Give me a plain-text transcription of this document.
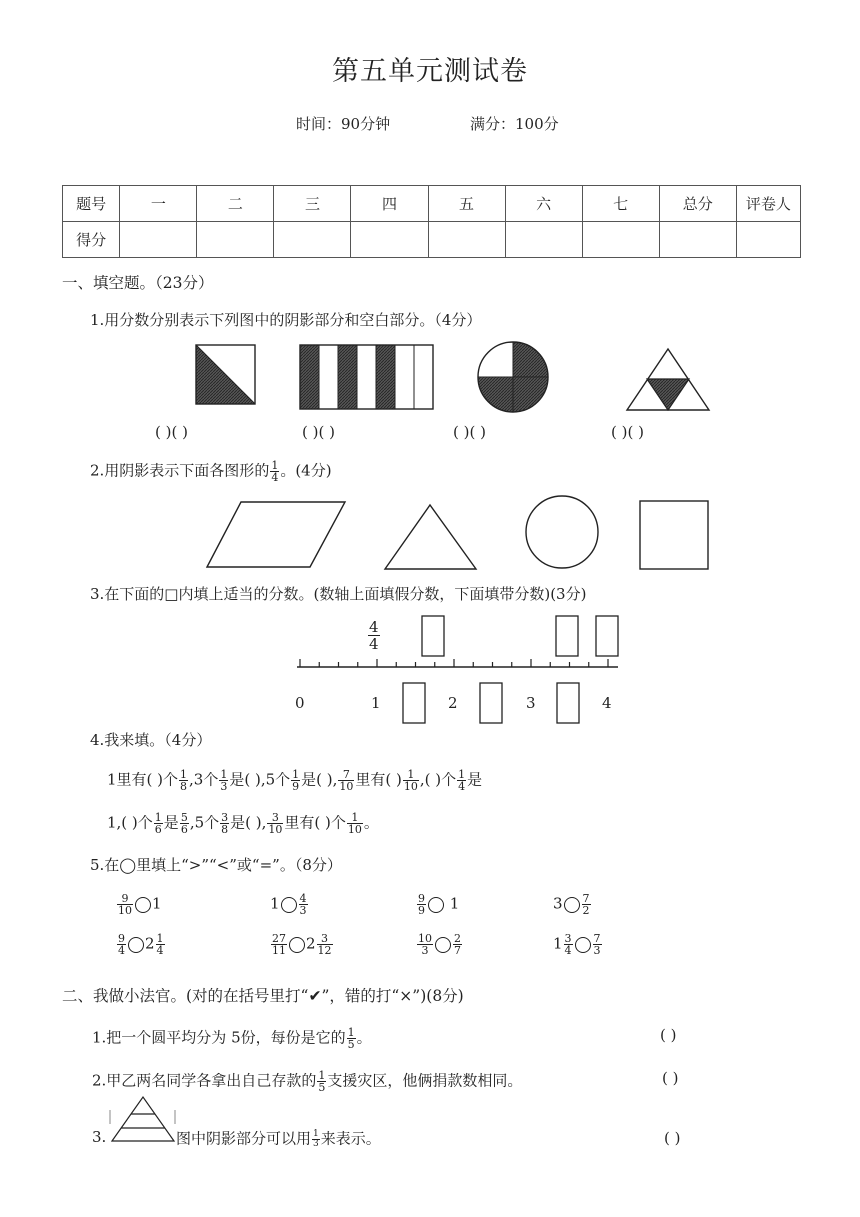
第五单元测试卷
时间：90分钟	满分：100分
题号	一	二	三	四	五	六	七	总分	评卷人
得分									
一、填空题。（23分）
1.用分数分别表示下列图中的阴影部分和空白部分。（4分）
( )( )	( )( )	( )( )	( )( )
2.用阴影表示下面各图形的 $\frac{1}{4}$ 。(4分)
3.在下面的□内填上适当的分数。(数轴上面填假分数，下面填带分数)(3分)
$\frac{4}{4}$
0	1	2	3	4
4.我来填。（4分）
1里有( )个 $\frac{1}{8} ,3$个 $\frac{1}{3}$ 是( ),5个 $\frac{1}{9}$ 是( ), $\frac{7}{10}$ 里有( ) $\frac{1}{10}$ ,( )个 $\frac{1}{4}$ 是
1,( )个 $\frac{1}{6}$ 是 $\frac{5}{6} ,5$个 $\frac{3}{8}$ 是( ), $\frac{3}{10}$ 里有( )个 $\frac{1}{10}$ 。
5.在◯里填上“>”“<”或“=”。（8分）
$\frac{9}{10} 1$	$1 \frac{4}{3}$	$\frac{9}{9} 1$	$3 \frac{7}{2}$
$\frac{9}{4} 2 \frac{1}{4}$	$\frac{27}{11} 2 \frac{3}{12}$	$\frac{10}{3} \frac{2}{7}$	$1 \frac{3}{4} \frac{7}{3}$
二、我做小法官。(对的在括号里打“✔”，错的打“×”)(8分)
1.把一个圆平均分为 5份，每份是它的 $\frac{1}{5}$ 。	( )
2.甲乙两名同学各拿出自己存款的 $\frac{1}{5}$ 支援灾区，他俩捐款数相同。	( )
3.	图中阴影部分可以用 $\frac{1}{3}$ 来表示。	( )
